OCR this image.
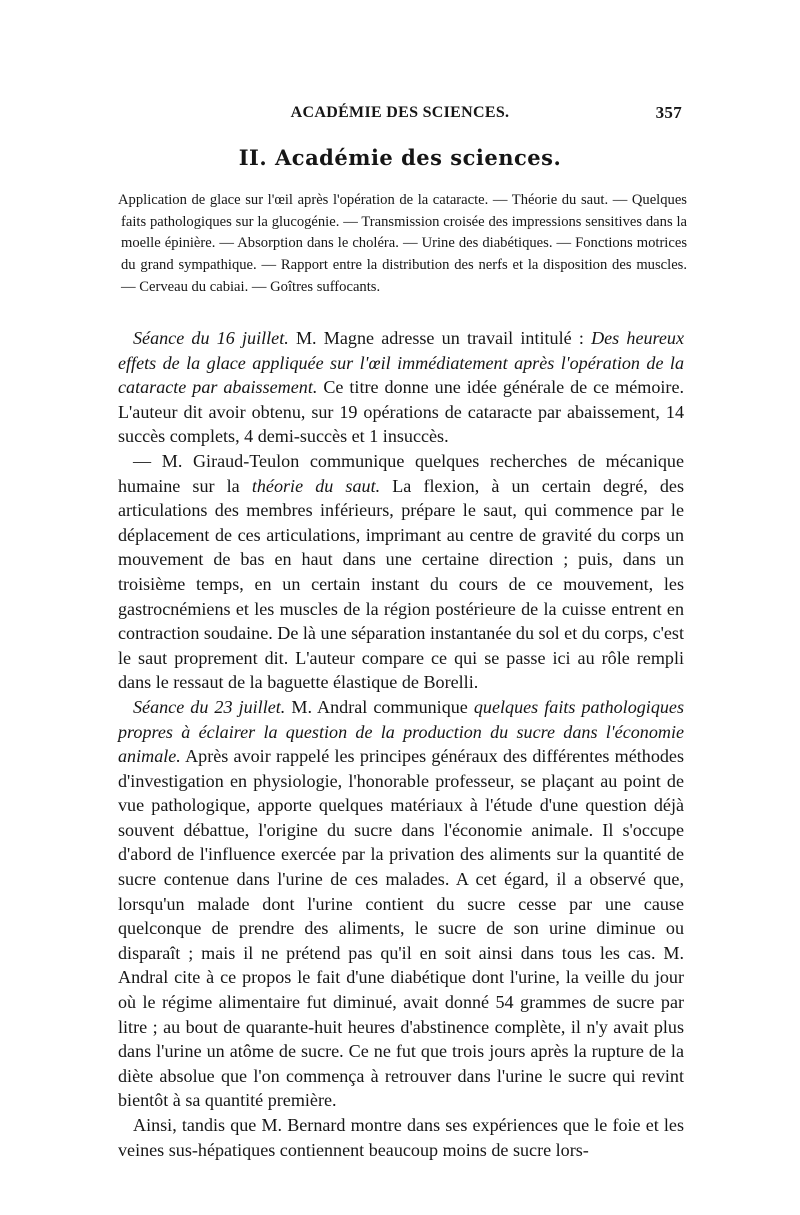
ACADÉMIE DES SCIENCES.	357
II. Académie des sciences.

Application de glace sur l'œil après l'opération de la cataracte. — Théorie du saut. — Quelques faits pathologiques sur la glucogénie. — Transmission croisée des impressions sensitives dans la moelle épinière. — Absorption dans le choléra. — Urine des diabétiques. — Fonctions motrices du grand sympathique. — Rapport entre la distribution des nerfs et la disposition des muscles. — Cerveau du cabiai. — Goîtres suffocants.

Séance du 16 juillet. M. Magne adresse un travail intitulé : Des heureux effets de la glace appliquée sur l'œil immédiatement après l'opération de la cataracte par abaissement. Ce titre donne une idée générale de ce mémoire. L'auteur dit avoir obtenu, sur 19 opérations de cataracte par abaissement, 14 succès complets, 4 demi-succès et 1 insuccès.

— M. Giraud-Teulon communique quelques recherches de mécanique humaine sur la théorie du saut. La flexion, à un certain degré, des articulations des membres inférieurs, prépare le saut, qui commence par le déplacement de ces articulations, imprimant au centre de gravité du corps un mouvement de bas en haut dans une certaine direction ; puis, dans un troisième temps, en un certain instant du cours de ce mouvement, les gastrocnémiens et les muscles de la région postérieure de la cuisse entrent en contraction soudaine. De là une séparation instantanée du sol et du corps, c'est le saut proprement dit. L'auteur compare ce qui se passe ici au rôle rempli dans le ressaut de la baguette élastique de Borelli.

Séance du 23 juillet. M. Andral communique quelques faits pathologiques propres à éclairer la question de la production du sucre dans l'économie animale. Après avoir rappelé les principes généraux des différentes méthodes d'investigation en physiologie, l'honorable professeur, se plaçant au point de vue pathologique, apporte quelques matériaux à l'étude d'une question déjà souvent débattue, l'origine du sucre dans l'économie animale. Il s'occupe d'abord de l'influence exercée par la privation des aliments sur la quantité de sucre contenue dans l'urine de ces malades. A cet égard, il a observé que, lorsqu'un malade dont l'urine contient du sucre cesse par une cause quelconque de prendre des aliments, le sucre de son urine diminue ou disparaît ; mais il ne prétend pas qu'il en soit ainsi dans tous les cas. M. Andral cite à ce propos le fait d'une diabétique dont l'urine, la veille du jour où le régime alimentaire fut diminué, avait donné 54 grammes de sucre par litre ; au bout de quarante-huit heures d'abstinence complète, il n'y avait plus dans l'urine un atôme de sucre. Ce ne fut que trois jours après la rupture de la diète absolue que l'on commença à retrouver dans l'urine le sucre qui revint bientôt à sa quantité première.

Ainsi, tandis que M. Bernard montre dans ses expériences que le foie et les veines sus-hépatiques contiennent beaucoup moins de sucre lors-
